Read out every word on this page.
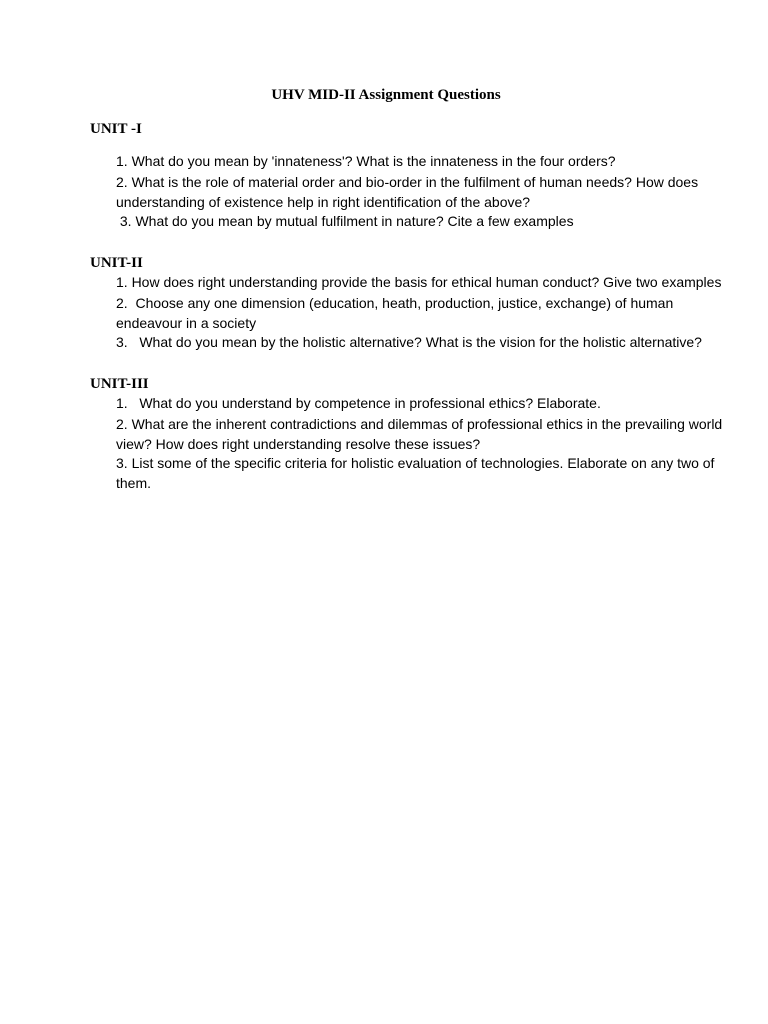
UHV MID-II Assignment Questions
UNIT -I
1. What do you mean by 'innateness'? What is the innateness in the four orders?
2. What is the role of material order and bio-order in the fulfilment of human needs? How does understanding of existence help in right identification of the above?
3. What do you mean by mutual fulfilment in nature? Cite a few examples
UNIT-II
1. How does right understanding provide the basis for ethical human conduct? Give two examples
2.  Choose any one dimension (education, heath, production, justice, exchange) of human endeavour in a society
3.   What do you mean by the holistic alternative? What is the vision for the holistic alternative?
UNIT-III
1.   What do you understand by competence in professional ethics? Elaborate.
2. What are the inherent contradictions and dilemmas of professional ethics in the prevailing world view? How does right understanding resolve these issues?
3. List some of the specific criteria for holistic evaluation of technologies. Elaborate on any two of them.
